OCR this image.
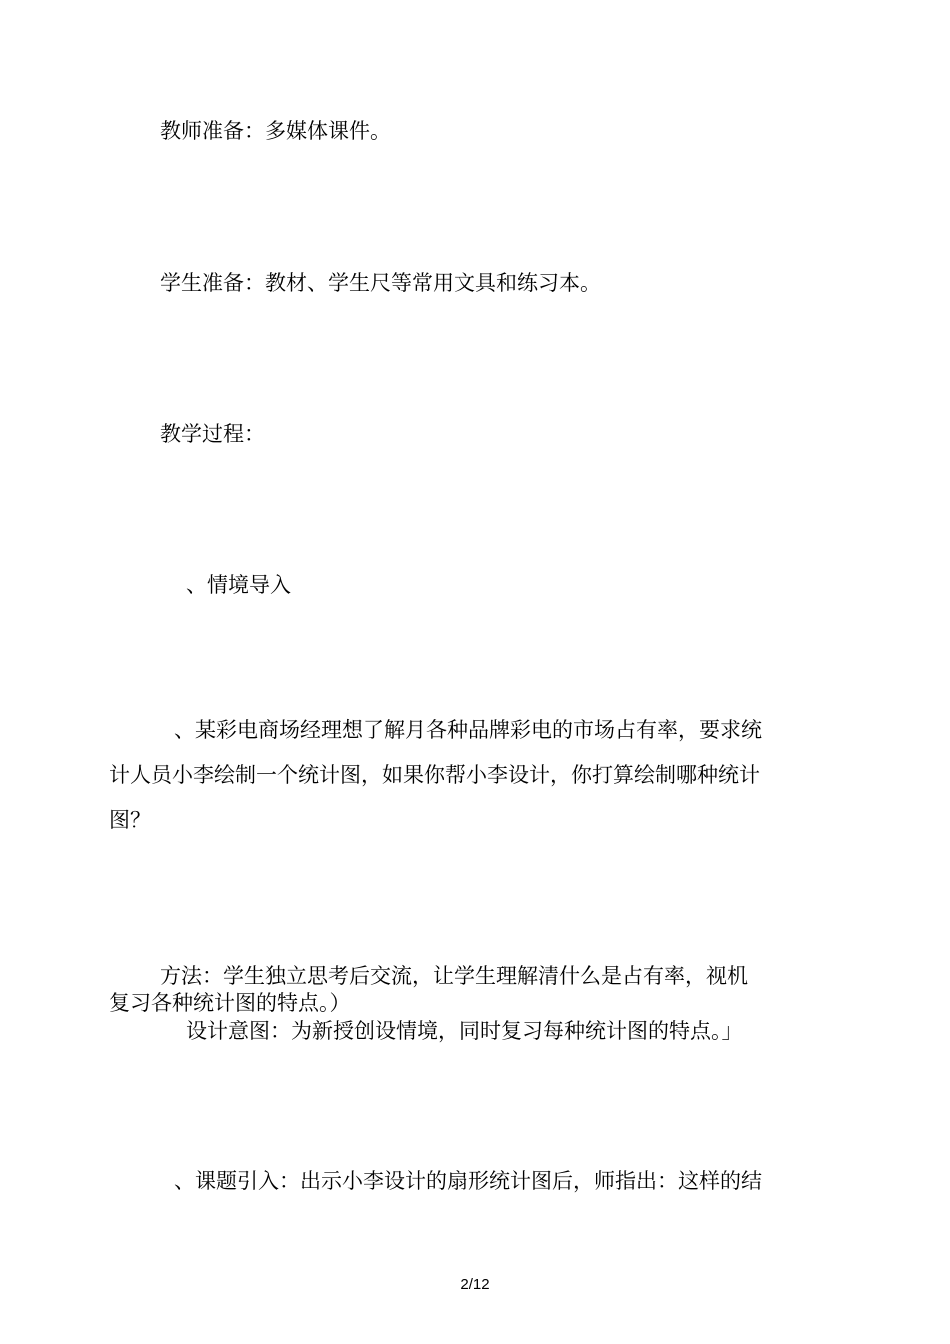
教师准备：多媒体课件。
学生准备：教材、学生尺等常用文具和练习本。
教学过程：
、情境导入
、某彩电商场经理想了解月各种品牌彩电的市场占有率，要求统
计人员小李绘制一个统计图，如果你帮小李设计，你打算绘制哪种统计
图？
方法：学生独立思考后交流，让学生理解清什么是占有率，视机
复习各种统计图的特点。）
设计意图：为新授创设情境，同时复习每种统计图的特点。」
、课题引入：出示小李设计的扇形统计图后，师指出：这样的结
2/12
